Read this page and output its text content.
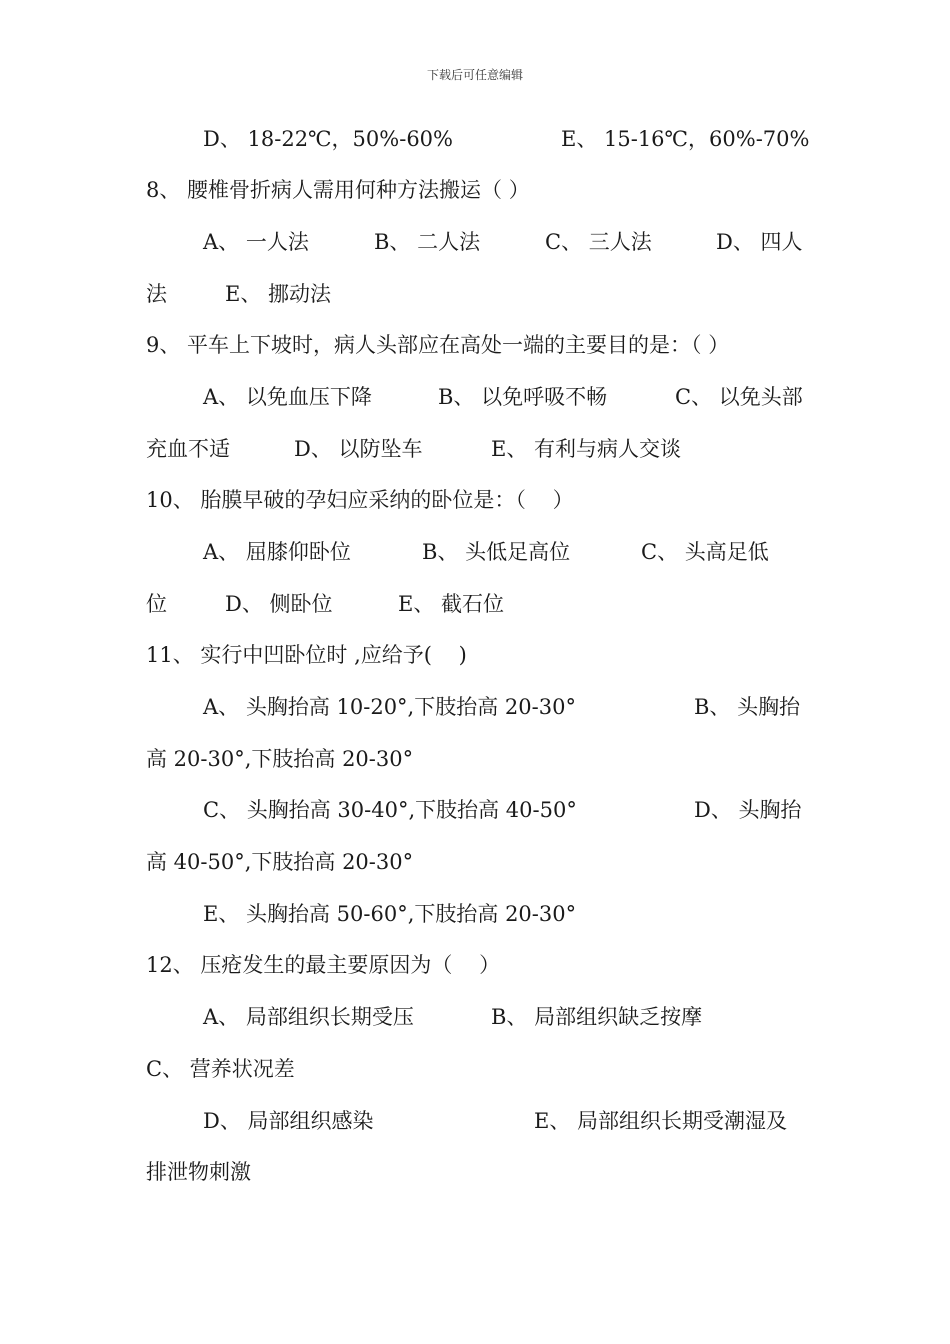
下载后可任意编辑
D、 18-22℃，50%-60%	E、 15-16℃，60%-70%
8、 腰椎骨折病人需用何种方法搬运（ ）
A、 一人法	B、 二人法	C、 三人法	D、 四人
法	E、 挪动法
9、 平车上下坡时，病人头部应在高处一端的主要目的是：（ ）
A、 以免血压下降	B、 以免呼吸不畅	C、 以免头部
充血不适	D、 以防坠车	E、 有利与病人交谈
10、 胎膜早破的孕妇应采纳的卧位是：（    ）
A、 屈膝仰卧位	B、 头低足高位	C、 头高足低
位	D、 侧卧位	E、 截石位
11、 实行中凹卧位时 ,应给予(    )
A、 头胸抬高 10-20°,下肢抬高 20-30°	B、 头胸抬
高 20-30°,下肢抬高 20-30°
C、 头胸抬高 30-40°,下肢抬高 40-50°	D、 头胸抬
高 40-50°,下肢抬高 20-30°
E、 头胸抬高 50-60°,下肢抬高 20-30°
12、 压疮发生的最主要原因为（    ）
A、 局部组织长期受压	B、 局部组织缺乏按摩
C、 营养状况差
D、 局部组织感染	E、 局部组织长期受潮湿及
排泄物刺激
